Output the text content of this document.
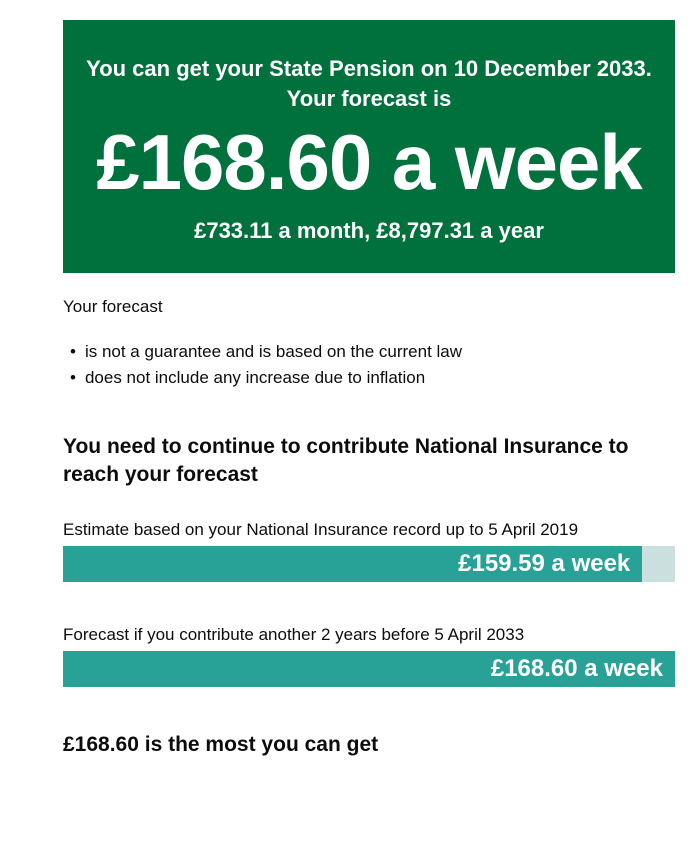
You can get your State Pension on 10 December 2033.
Your forecast is
£168.60 a week
£733.11 a month, £8,797.31 a year

Your forecast

• is not a guarantee and is based on the current law
• does not include any increase due to inflation
You need to continue to contribute National Insurance to reach your forecast

Estimate based on your National Insurance record up to 5 April 2019

£159.59 a week

Forecast if you contribute another 2 years before 5 April 2033

£168.60 a week
£168.60 is the most you can get
